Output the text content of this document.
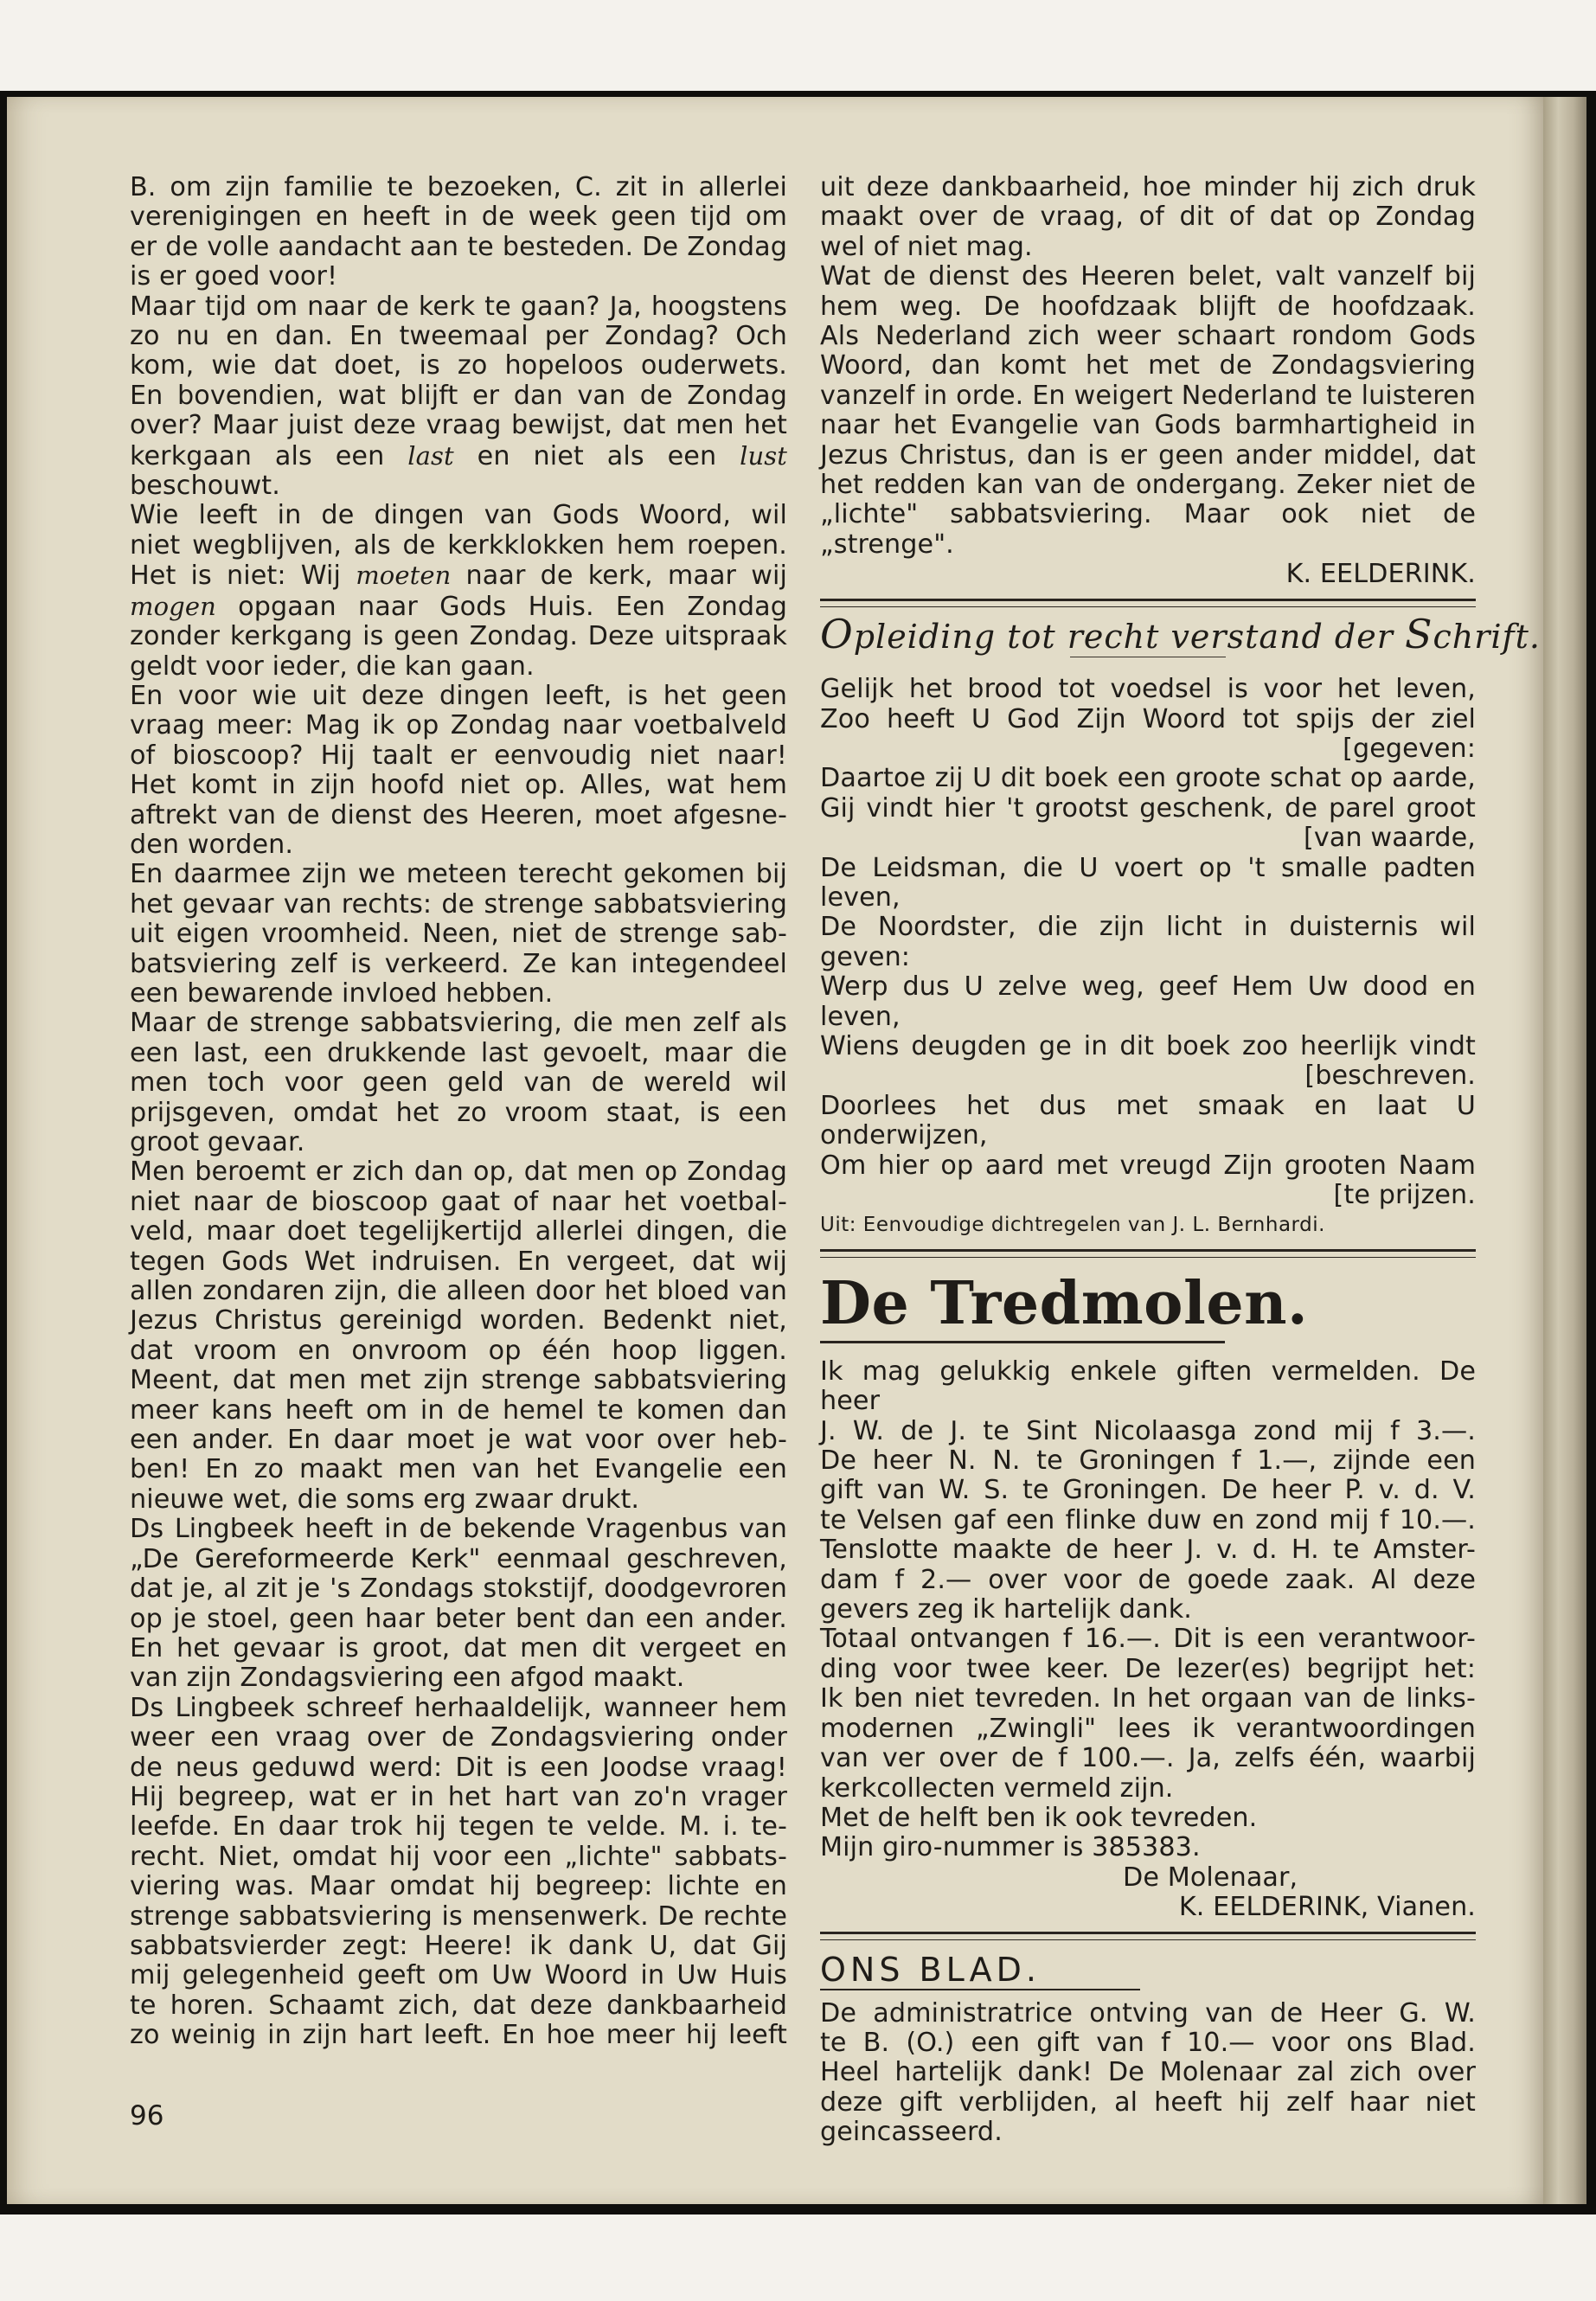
B. om zijn familie te bezoeken, C. zit in allerlei

verenigingen en heeft in de week geen tijd om

er de volle aandacht aan te besteden. De Zondag

is er goed voor!

Maar tijd om naar de kerk te gaan? Ja, hoogstens

zo nu en dan. En tweemaal per Zondag? Och

kom, wie dat doet, is zo hopeloos ouderwets.

En bovendien, wat blijft er dan van de Zondag

over? Maar juist deze vraag bewijst, dat men het

kerkgaan als een last en niet als een lust beschouwt.

Wie leeft in de dingen van Gods Woord, wil

niet wegblijven, als de kerkklokken hem roepen.

Het is niet: Wij moeten naar de kerk, maar wij

mogen opgaan naar Gods Huis. Een Zondag

zonder kerkgang is geen Zondag. Deze uitspraak

geldt voor ieder, die kan gaan.

En voor wie uit deze dingen leeft, is het geen

vraag meer: Mag ik op Zondag naar voetbalveld

of bioscoop? Hij taalt er eenvoudig niet naar!

Het komt in zijn hoofd niet op. Alles, wat hem

aftrekt van de dienst des Heeren, moet afgesne-

den worden.

En daarmee zijn we meteen terecht gekomen bij

het gevaar van rechts: de strenge sabbatsviering

uit eigen vroomheid. Neen, niet de strenge sab-

batsviering zelf is verkeerd. Ze kan integendeel

een bewarende invloed hebben.

Maar de strenge sabbatsviering, die men zelf als

een last, een drukkende last gevoelt, maar die

men toch voor geen geld van de wereld wil

prijsgeven, omdat het zo vroom staat, is een

groot gevaar.

Men beroemt er zich dan op, dat men op Zondag

niet naar de bioscoop gaat of naar het voetbal-

veld, maar doet tegelijkertijd allerlei dingen, die

tegen Gods Wet indruisen. En vergeet, dat wij

allen zondaren zijn, die alleen door het bloed van

Jezus Christus gereinigd worden. Bedenkt niet,

dat vroom en onvroom op één hoop liggen.

Meent, dat men met zijn strenge sabbatsviering

meer kans heeft om in de hemel te komen dan

een ander. En daar moet je wat voor over heb-

ben! En zo maakt men van het Evangelie een

nieuwe wet, die soms erg zwaar drukt.

Ds Lingbeek heeft in de bekende Vragenbus van

„De Gereformeerde Kerk" eenmaal geschreven,

dat je, al zit je 's Zondags stokstijf, doodgevroren

op je stoel, geen haar beter bent dan een ander.

En het gevaar is groot, dat men dit vergeet en

van zijn Zondagsviering een afgod maakt.

Ds Lingbeek schreef herhaaldelijk, wanneer hem

weer een vraag over de Zondagsviering onder

de neus geduwd werd: Dit is een Joodse vraag!

Hij begreep, wat er in het hart van zo'n vrager

leefde. En daar trok hij tegen te velde. M. i. te-

recht. Niet, omdat hij voor een „lichte" sabbats-

viering was. Maar omdat hij begreep: lichte en

strenge sabbatsviering is mensenwerk. De rechte

sabbatsvierder zegt: Heere! ik dank U, dat Gij

mij gelegenheid geeft om Uw Woord in Uw Huis

te horen. Schaamt zich, dat deze dankbaarheid

zo weinig in zijn hart leeft. En hoe meer hij leeft

96

uit deze dankbaarheid, hoe minder hij zich druk

maakt over de vraag, of dit of dat op Zondag

wel of niet mag.

Wat de dienst des Heeren belet, valt vanzelf bij

hem weg. De hoofdzaak blijft de hoofdzaak.

Als Nederland zich weer schaart rondom Gods

Woord, dan komt het met de Zondagsviering

vanzelf in orde. En weigert Nederland te luisteren

naar het Evangelie van Gods barmhartigheid in

Jezus Christus, dan is er geen ander middel, dat

het redden kan van de ondergang. Zeker niet de

„lichte" sabbatsviering. Maar ook niet de „strenge".

K. EELDERINK.

Opleiding tot recht verstand der Schrift.

Gelijk het brood tot voedsel is voor het leven,

Zoo heeft U God Zijn Woord tot spijs der ziel

[gegeven:

Daartoe zij U dit boek een groote schat op aarde,

Gij vindt hier 't grootst geschenk, de parel groot

[van waarde,

De Leidsman, die U voert op 't smalle padten leven,

De Noordster, die zijn licht in duisternis wil geven:

Werp dus U zelve weg, geef Hem Uw dood en leven,

Wiens deugden ge in dit boek zoo heerlijk vindt

[beschreven.

Doorlees het dus met smaak en laat U onderwijzen,

Om hier op aard met vreugd Zijn grooten Naam

[te prijzen.

Uit: Eenvoudige dichtregelen van J. L. Bernhardi.

De Tredmolen.

Ik mag gelukkig enkele giften vermelden. De heer

J. W. de J. te Sint Nicolaasga zond mij f 3.—.

De heer N. N. te Groningen f 1.—, zijnde een

gift van W. S. te Groningen. De heer P. v. d. V.

te Velsen gaf een flinke duw en zond mij f 10.—.

Tenslotte maakte de heer J. v. d. H. te Amster-

dam f 2.— over voor de goede zaak. Al deze

gevers zeg ik hartelijk dank.

Totaal ontvangen f 16.—. Dit is een verantwoor-

ding voor twee keer. De lezer(es) begrijpt het:

Ik ben niet tevreden. In het orgaan van de links-

modernen „Zwingli" lees ik verantwoordingen

van ver over de f 100.—. Ja, zelfs één, waarbij

kerkcollecten vermeld zijn.

Met de helft ben ik ook tevreden.

Mijn giro-nummer is 385383.

De Molenaar,

K. EELDERINK, Vianen.

ONS BLAD.

De administratrice ontving van de Heer G. W.

te B. (O.) een gift van f 10.— voor ons Blad.

Heel hartelijk dank! De Molenaar zal zich over

deze gift verblijden, al heeft hij zelf haar niet

geincasseerd.
